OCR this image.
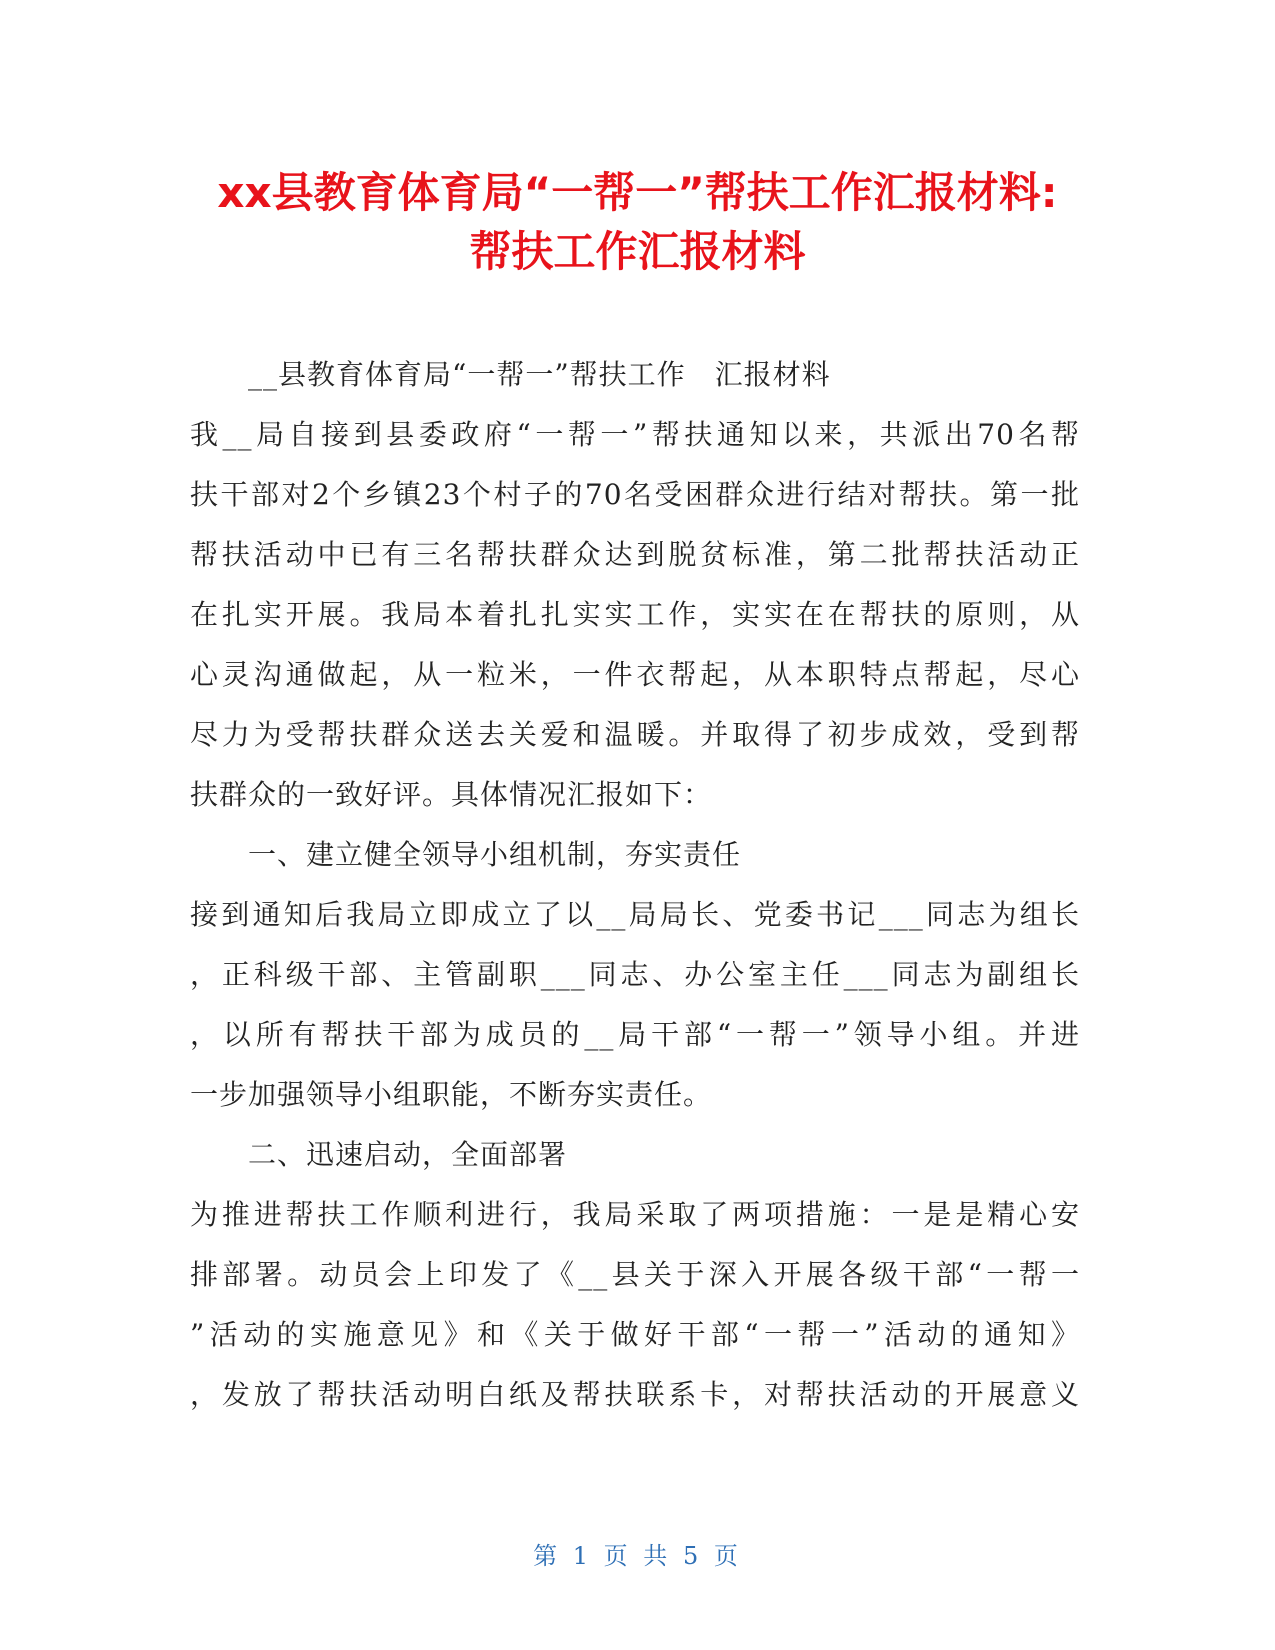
xx县教育体育局“一帮一”帮扶工作汇报材料:
帮扶工作汇报材料
__县教育体育局“一帮一”帮扶工作　汇报材料
我__局自接到县委政府“一帮一”帮扶通知以来，共派出70名帮
扶干部对2个乡镇23个村子的70名受困群众进行结对帮扶。第一批
帮扶活动中已有三名帮扶群众达到脱贫标准，第二批帮扶活动正
在扎实开展。我局本着扎扎实实工作，实实在在帮扶的原则，从
心灵沟通做起，从一粒米，一件衣帮起，从本职特点帮起，尽心
尽力为受帮扶群众送去关爱和温暖。并取得了初步成效，受到帮
扶群众的一致好评。具体情况汇报如下：
一、建立健全领导小组机制，夯实责任
接到通知后我局立即成立了以__局局长、党委书记___同志为组长
，正科级干部、主管副职___同志、办公室主任___同志为副组长
，以所有帮扶干部为成员的__局干部“一帮一”领导小组。并进
一步加强领导小组职能，不断夯实责任。
二、迅速启动，全面部署
为推进帮扶工作顺利进行，我局采取了两项措施：一是是精心安
排部署。动员会上印发了《__县关于深入开展各级干部“一帮一
”活动的实施意见》和《关于做好干部“一帮一”活动的通知》
，发放了帮扶活动明白纸及帮扶联系卡，对帮扶活动的开展意义
第 1 页 共 5 页
